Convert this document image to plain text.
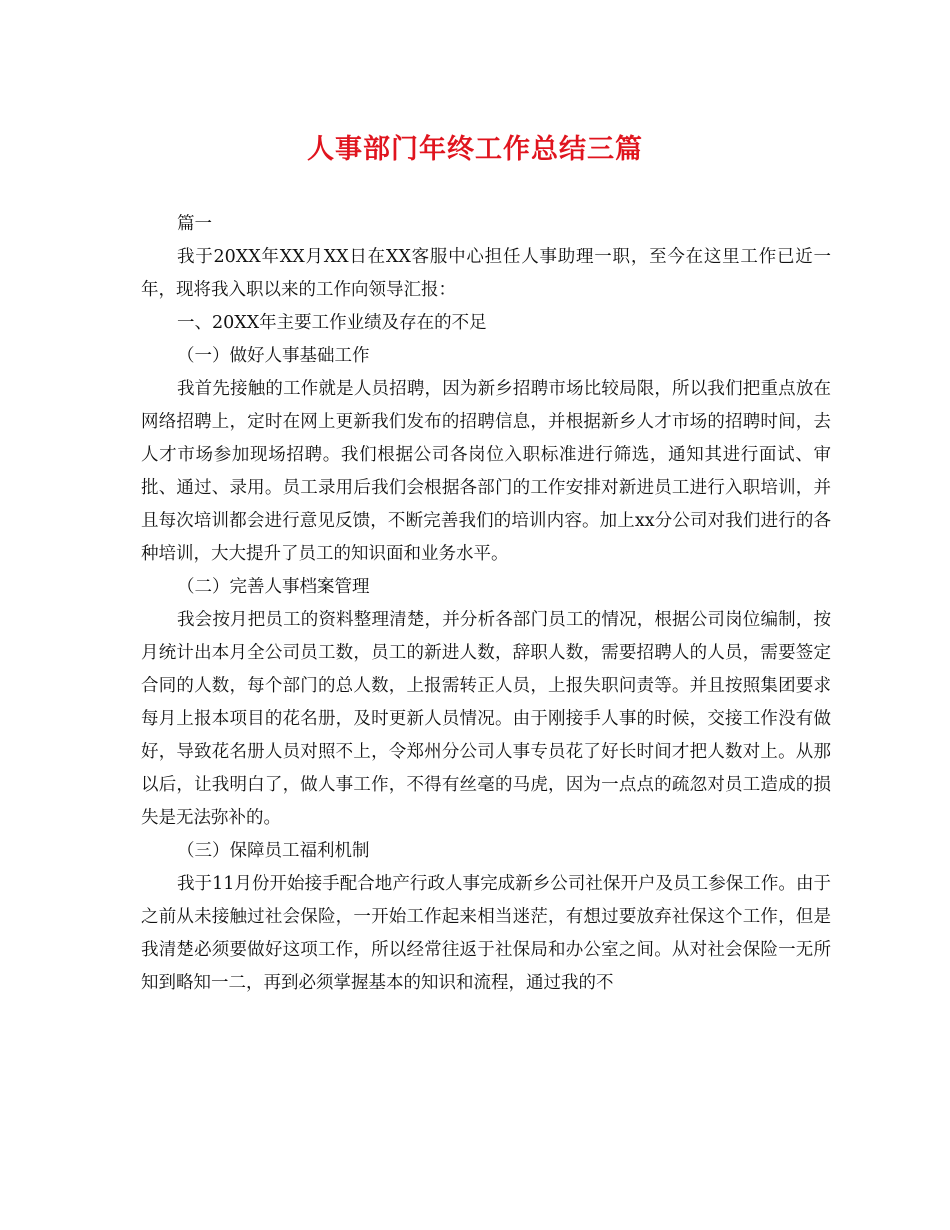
人事部门年终工作总结三篇

篇一

我于20XX年XX月XX日在XX客服中心担任人事助理一职，至今在这里工作已近一年，现将我入职以来的工作向领导汇报：

一、20XX年主要工作业绩及存在的不足

（一）做好人事基础工作

我首先接触的工作就是人员招聘，因为新乡招聘市场比较局限，所以我们把重点放在网络招聘上，定时在网上更新我们发布的招聘信息，并根据新乡人才市场的招聘时间，去人才市场参加现场招聘。我们根据公司各岗位入职标准进行筛选，通知其进行面试、审批、通过、录用。员工录用后我们会根据各部门的工作安排对新进员工进行入职培训，并且每次培训都会进行意见反馈，不断完善我们的培训内容。加上xx分公司对我们进行的各种培训，大大提升了员工的知识面和业务水平。

（二）完善人事档案管理

我会按月把员工的资料整理清楚，并分析各部门员工的情况，根据公司岗位编制，按月统计出本月全公司员工数，员工的新进人数，辞职人数，需要招聘人的人员，需要签定合同的人数，每个部门的总人数，上报需转正人员，上报失职问责等。并且按照集团要求每月上报本项目的花名册，及时更新人员情况。由于刚接手人事的时候，交接工作没有做好，导致花名册人员对照不上，令郑州分公司人事专员花了好长时间才把人数对上。从那以后，让我明白了，做人事工作，不得有丝毫的马虎，因为一点点的疏忽对员工造成的损失是无法弥补的。

（三）保障员工福利机制

我于11月份开始接手配合地产行政人事完成新乡公司社保开户及员工参保工作。由于之前从未接触过社会保险，一开始工作起来相当迷茫，有想过要放弃社保这个工作，但是我清楚必须要做好这项工作，所以经常往返于社保局和办公室之间。从对社会保险一无所知到略知一二，再到必须掌握基本的知识和流程，通过我的不
